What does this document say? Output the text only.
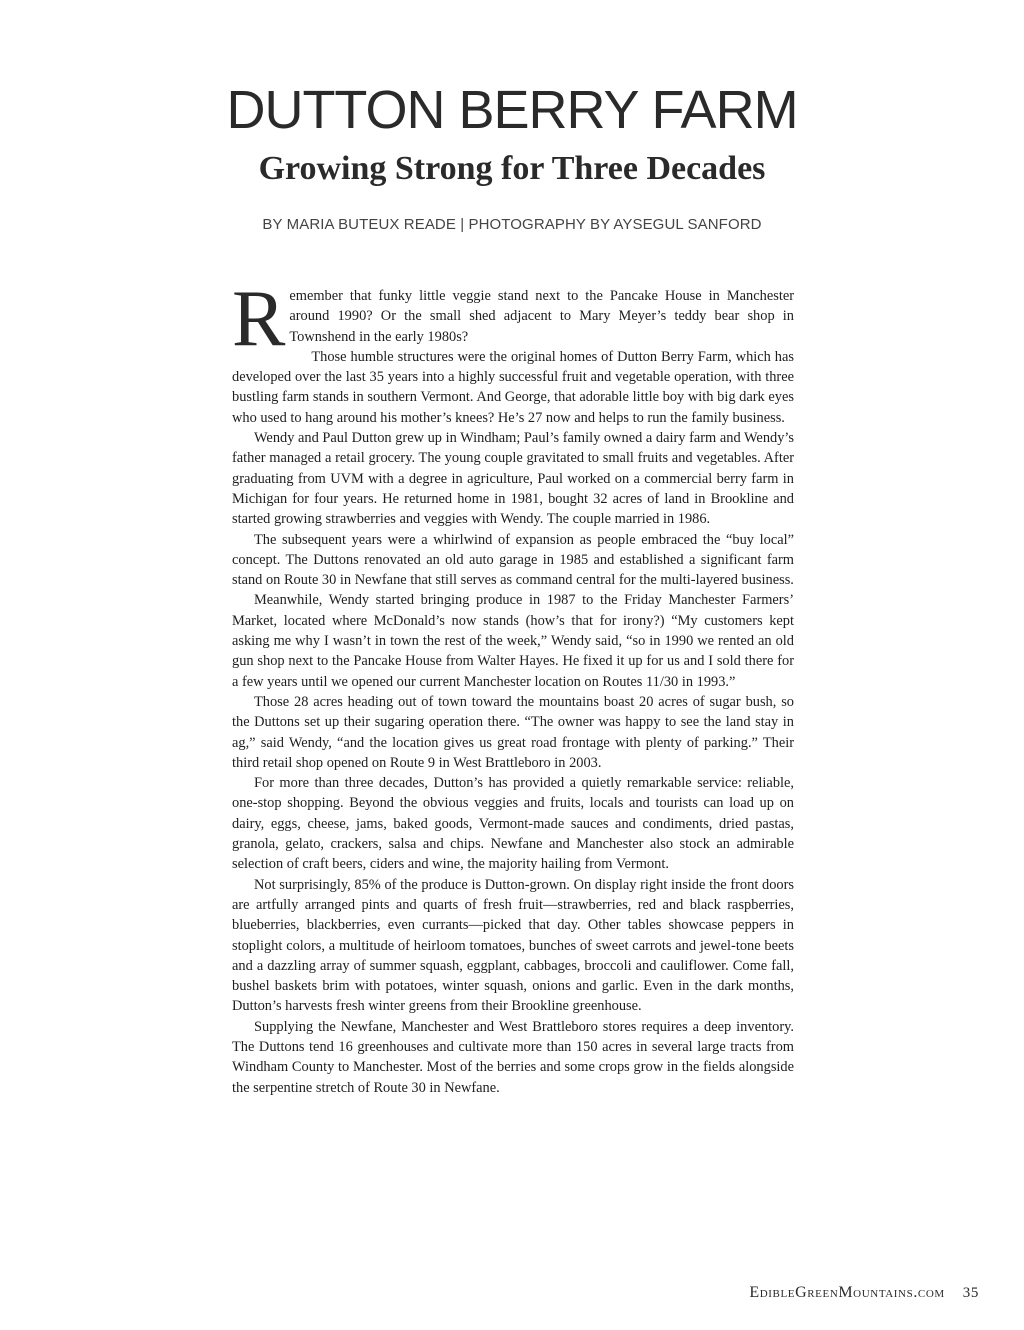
DUTTON BERRY FARM
Growing Strong for Three Decades
BY MARIA BUTEUX READE | PHOTOGRAPHY BY AYSEGUL SANFORD

Remember that funky little veggie stand next to the Pancake House in Manchester around 1990? Or the small shed adjacent to Mary Meyer’s teddy bear shop in Townshend in the early 1980s?

Those humble structures were the original homes of Dutton Berry Farm, which has developed over the last 35 years into a highly successful fruit and vegetable operation, with three bustling farm stands in southern Vermont. And George, that adorable little boy with big dark eyes who used to hang around his mother’s knees? He’s 27 now and helps to run the family business.

Wendy and Paul Dutton grew up in Windham; Paul’s family owned a dairy farm and Wendy’s father managed a retail grocery. The young couple gravitated to small fruits and vegetables. After graduating from UVM with a degree in agriculture, Paul worked on a commercial berry farm in Michigan for four years. He returned home in 1981, bought 32 acres of land in Brookline and started growing strawberries and veggies with Wendy. The couple married in 1986.

The subsequent years were a whirlwind of expansion as people embraced the “buy local” concept. The Duttons renovated an old auto garage in 1985 and established a significant farm stand on Route 30 in Newfane that still serves as command central for the multi-layered business.

Meanwhile, Wendy started bringing produce in 1987 to the Friday Manchester Farmers’ Market, located where McDonald’s now stands (how’s that for irony?) “My customers kept asking me why I wasn’t in town the rest of the week,” Wendy said, “so in 1990 we rented an old gun shop next to the Pancake House from Walter Hayes. He fixed it up for us and I sold there for a few years until we opened our current Manchester location on Routes 11/30 in 1993.”

Those 28 acres heading out of town toward the mountains boast 20 acres of sugar bush, so the Duttons set up their sugaring operation there. “The owner was happy to see the land stay in ag,” said Wendy, “and the location gives us great road frontage with plenty of parking.” Their third retail shop opened on Route 9 in West Brattleboro in 2003.

For more than three decades, Dutton’s has provided a quietly remarkable service: reliable, one-stop shopping. Beyond the obvious veggies and fruits, locals and tourists can load up on dairy, eggs, cheese, jams, baked goods, Vermont-made sauces and condiments, dried pastas, granola, gelato, crackers, salsa and chips. Newfane and Manchester also stock an admirable selection of craft beers, ciders and wine, the majority hailing from Vermont.

Not surprisingly, 85% of the produce is Dutton-grown. On display right inside the front doors are artfully arranged pints and quarts of fresh fruit—strawberries, red and black raspberries, blueberries, blackberries, even currants—picked that day. Other tables showcase peppers in stoplight colors, a multitude of heirloom tomatoes, bunches of sweet carrots and jewel-tone beets and a dazzling array of summer squash, eggplant, cabbages, broccoli and cauliflower. Come fall, bushel baskets brim with potatoes, winter squash, onions and garlic. Even in the dark months, Dutton’s harvests fresh winter greens from their Brookline greenhouse.

Supplying the Newfane, Manchester and West Brattleboro stores requires a deep inventory. The Duttons tend 16 greenhouses and cultivate more than 150 acres in several large tracts from Windham County to Manchester. Most of the berries and some crops grow in the fields alongside the serpentine stretch of Route 30 in Newfane.

EdibleGreenMountains.com 35
